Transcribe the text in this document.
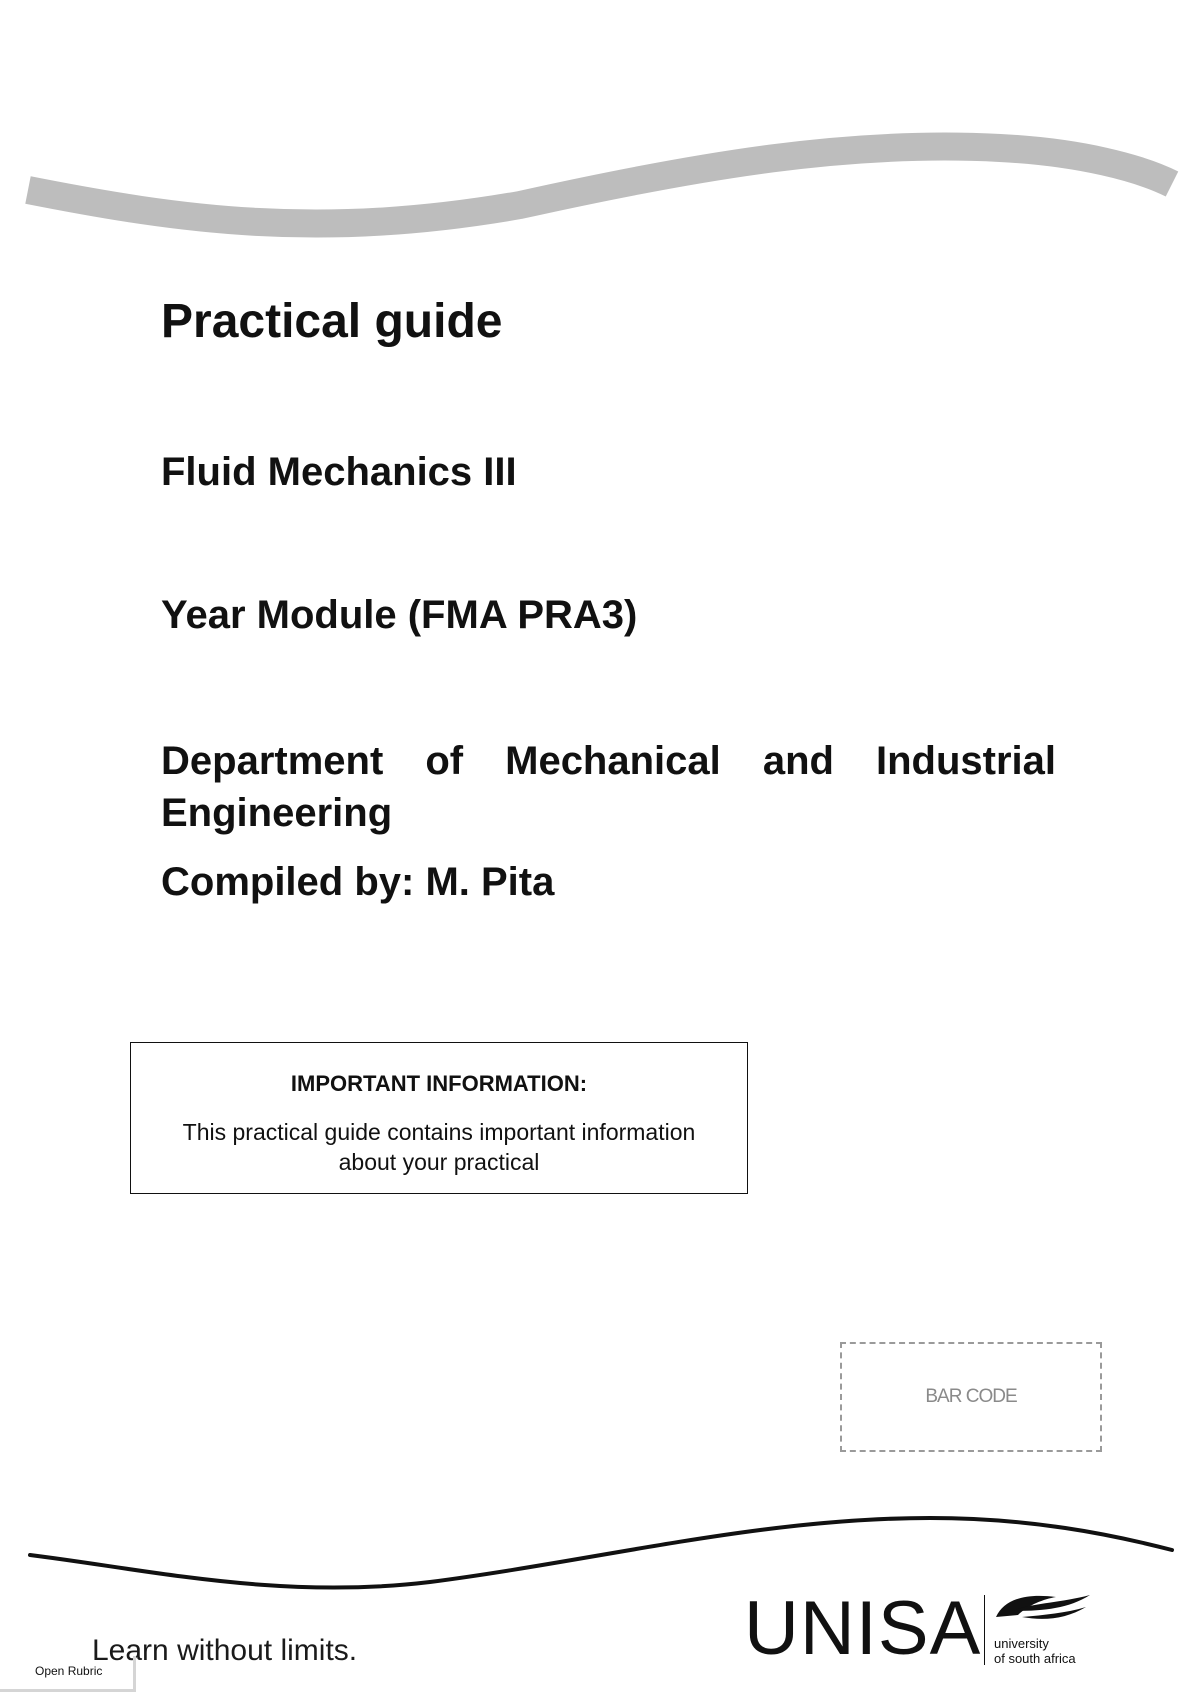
Practical guide
Fluid Mechanics III
Year Module (FMA PRA3)
Department of Mechanical and Industrial Engineering
Compiled by: M. Pita
IMPORTANT INFORMATION:

This practical guide contains important information about your practical

BAR CODE
Learn without limits.	UNISA university
of south africa
Open Rubric
